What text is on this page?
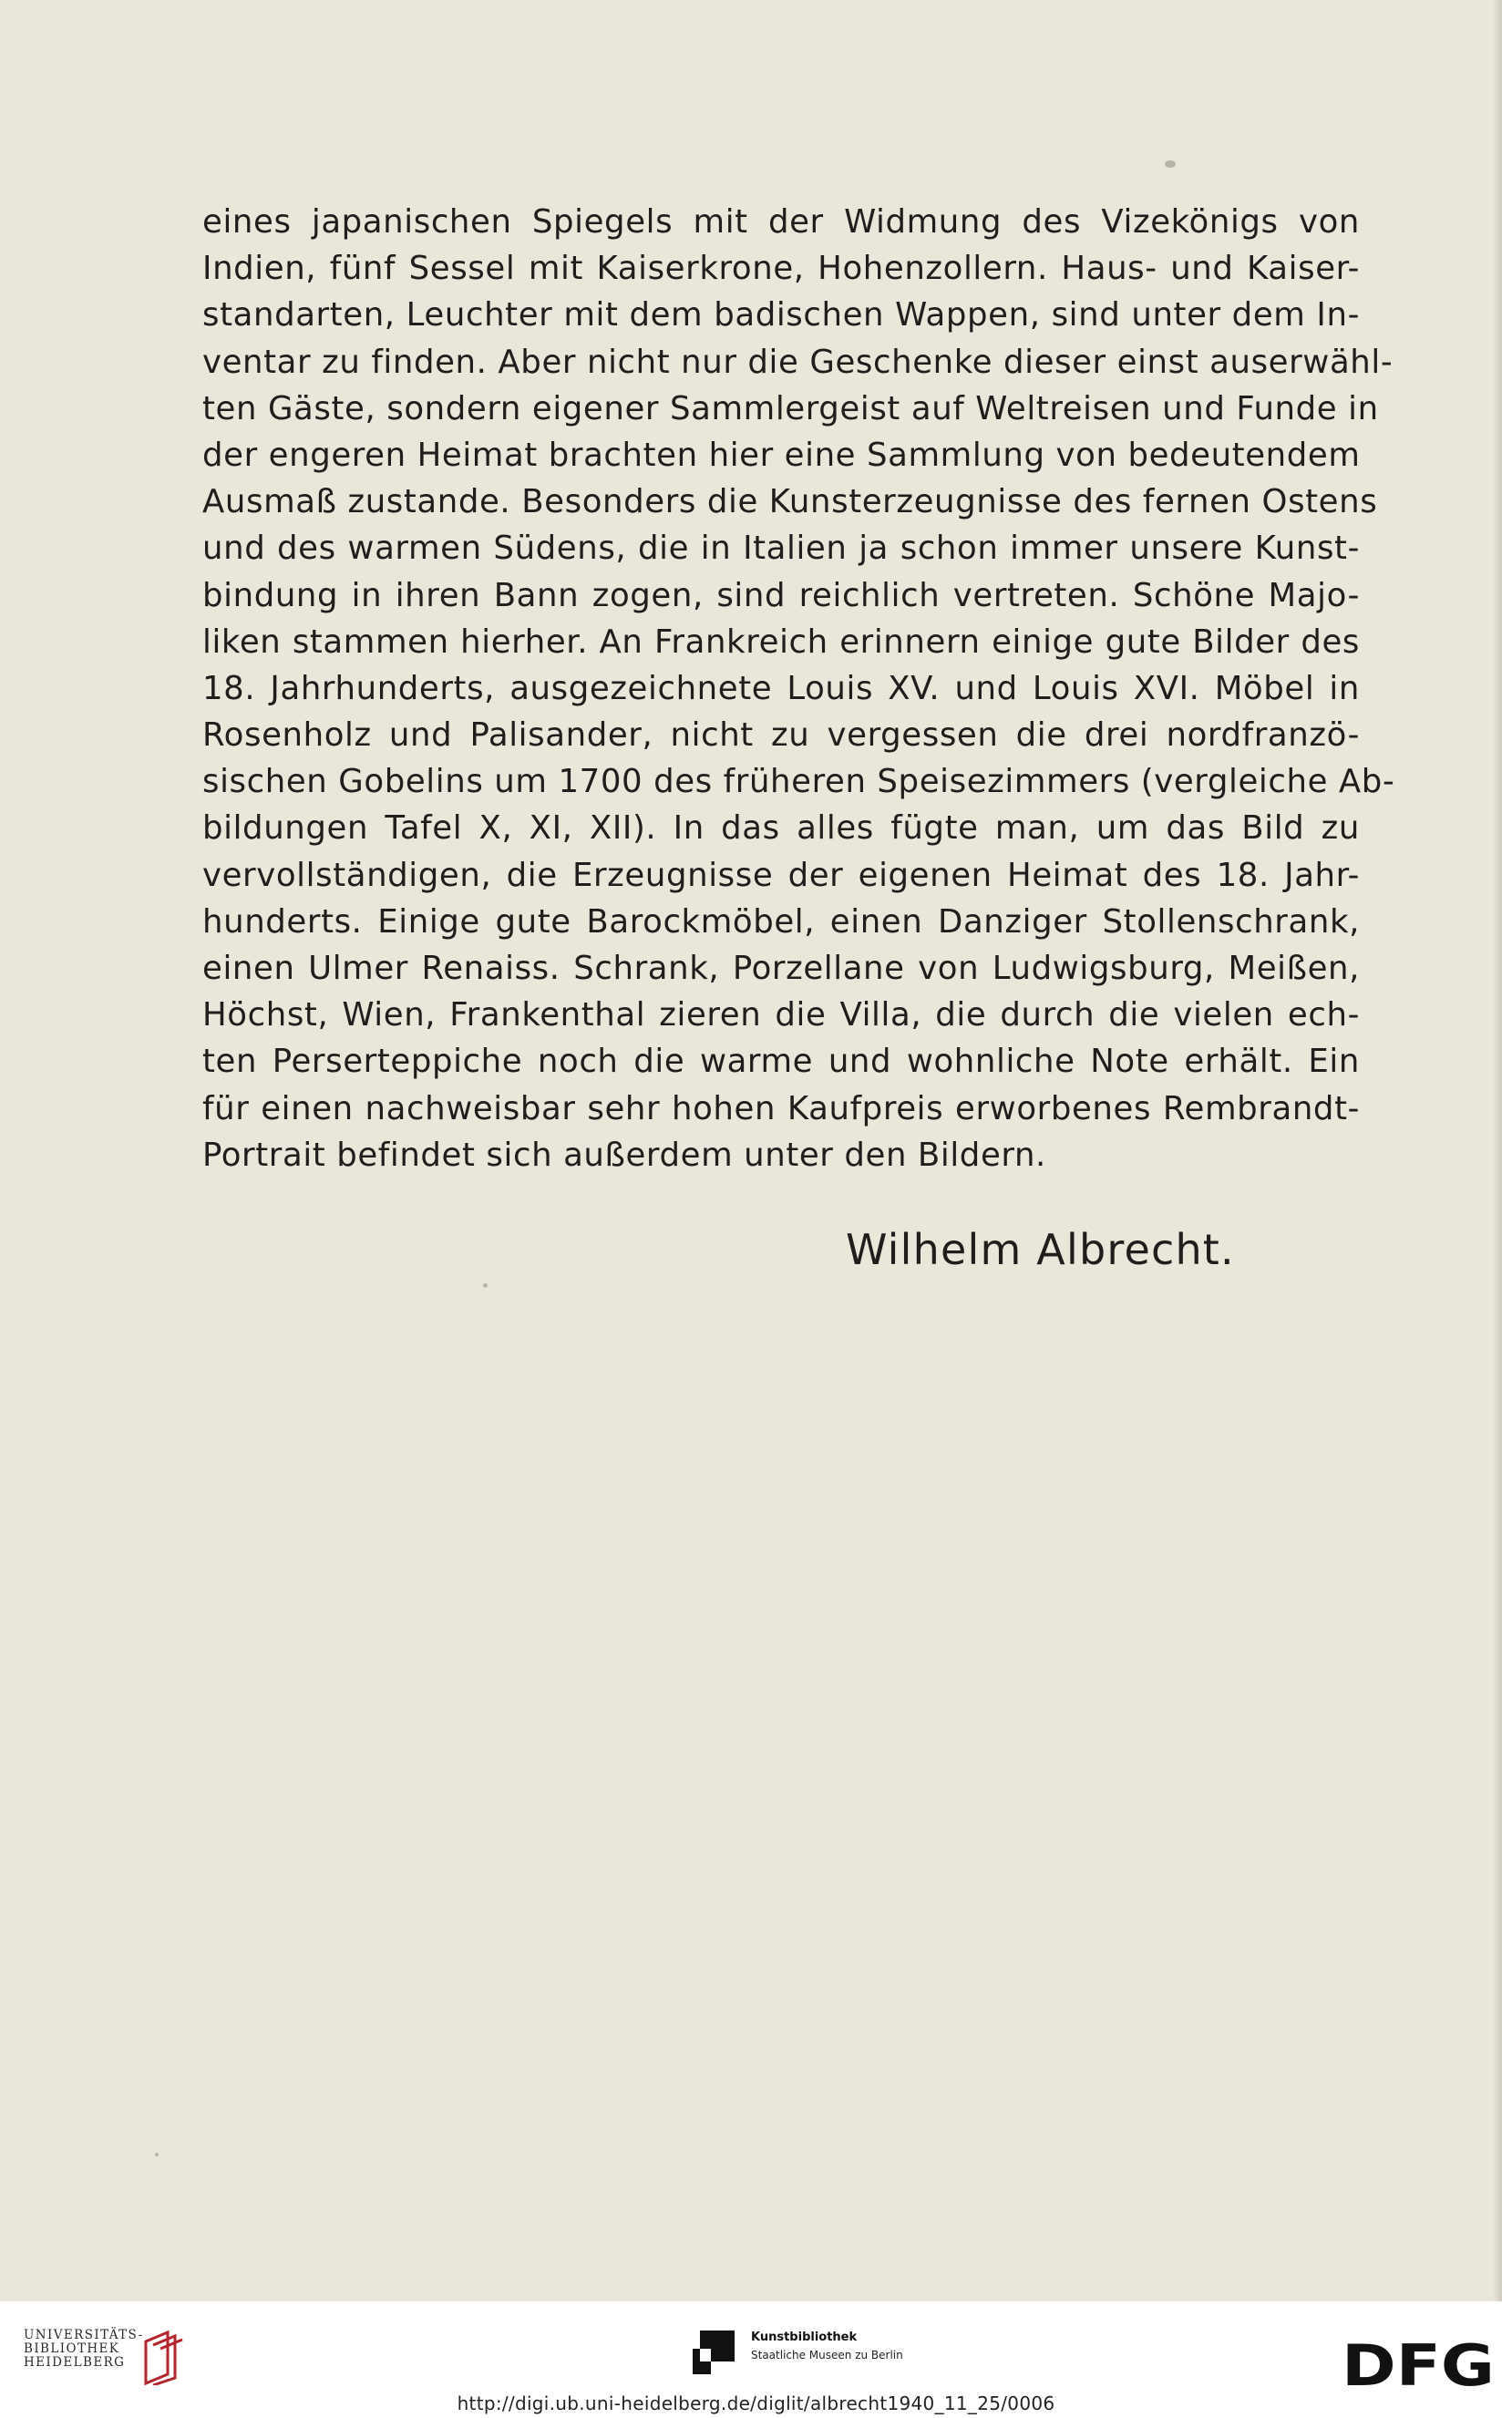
eines japanischen Spiegels mit der Widmung des Vizekönigs von
Indien, fünf Sessel mit Kaiserkrone, Hohenzollern. Haus- und Kaiser-
standarten, Leuchter mit dem badischen Wappen, sind unter dem In-
ventar zu finden. Aber nicht nur die Geschenke dieser einst auserwähl-
ten Gäste, sondern eigener Sammlergeist auf Weltreisen und Funde in
der engeren Heimat brachten hier eine Sammlung von bedeutendem
Ausmaß zustande. Besonders die Kunsterzeugnisse des fernen Ostens
und des warmen Südens, die in Italien ja schon immer unsere Kunst-
bindung in ihren Bann zogen, sind reichlich vertreten. Schöne Majo-
liken stammen hierher. An Frankreich erinnern einige gute Bilder des
18. Jahrhunderts, ausgezeichnete Louis XV. und Louis XVI. Möbel in
Rosenholz und Palisander, nicht zu vergessen die drei nordfranzö-
sischen Gobelins um 1700 des früheren Speisezimmers (vergleiche Ab-
bildungen Tafel X, XI, XII). In das alles fügte man, um das Bild zu
vervollständigen, die Erzeugnisse der eigenen Heimat des 18. Jahr-
hunderts. Einige gute Barockmöbel, einen Danziger Stollenschrank,
einen Ulmer Renaiss. Schrank, Porzellane von Ludwigsburg, Meißen,
Höchst, Wien, Frankenthal zieren die Villa, die durch die vielen ech-
ten Perserteppiche noch die warme und wohnliche Note erhält. Ein
für einen nachweisbar sehr hohen Kaufpreis erworbenes Rembrandt-
Portrait befindet sich außerdem unter den Bildern.

Wilhelm Albrecht.

UNIVERSITÄTS-
BIBLIOTHEK
HEIDELBERG
Kunstbibliothek
Staatliche Museen zu Berlin	DFG
http://digi.ub.uni-heidelberg.de/diglit/albrecht1940_11_25/0006
